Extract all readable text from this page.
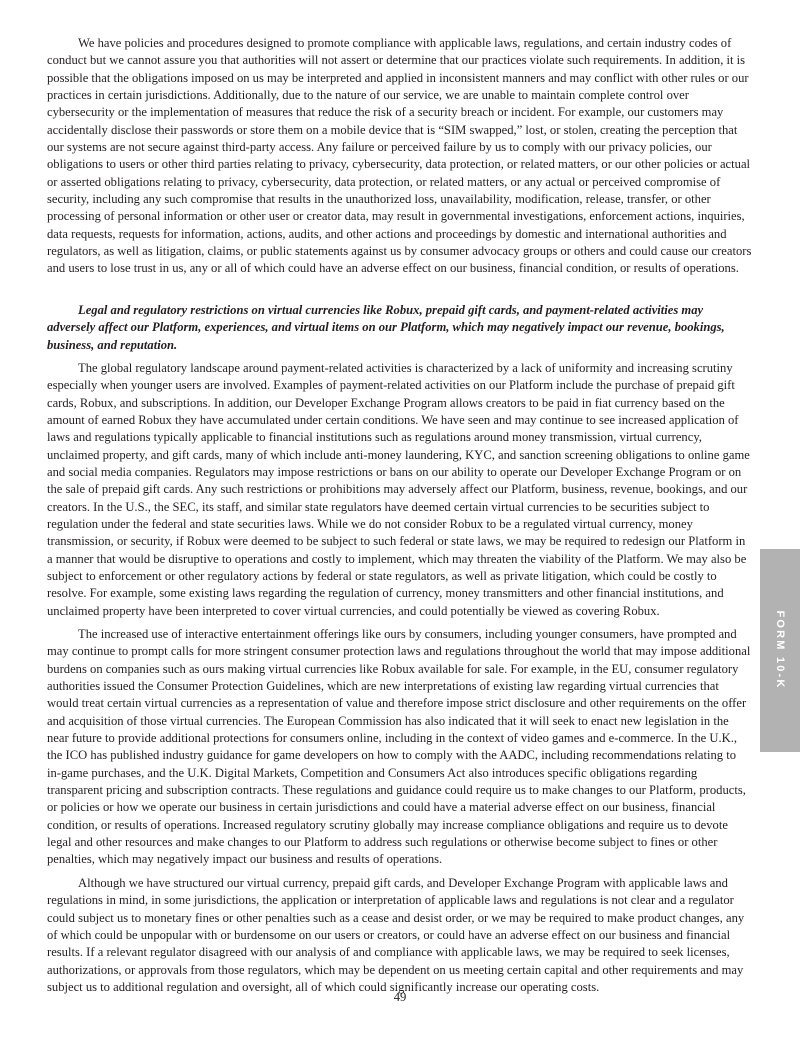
We have policies and procedures designed to promote compliance with applicable laws, regulations, and certain industry codes of conduct but we cannot assure you that authorities will not assert or determine that our practices violate such requirements. In addition, it is possible that the obligations imposed on us may be interpreted and applied in inconsistent manners and may conflict with other rules or our practices in certain jurisdictions. Additionally, due to the nature of our service, we are unable to maintain complete control over cybersecurity or the implementation of measures that reduce the risk of a security breach or incident. For example, our customers may accidentally disclose their passwords or store them on a mobile device that is “SIM swapped,” lost, or stolen, creating the perception that our systems are not secure against third-party access. Any failure or perceived failure by us to comply with our privacy policies, our obligations to users or other third parties relating to privacy, cybersecurity, data protection, or related matters, or our other policies or actual or asserted obligations relating to privacy, cybersecurity, data protection, or related matters, or any actual or perceived compromise of security, including any such compromise that results in the unauthorized loss, unavailability, modification, release, transfer, or other processing of personal information or other user or creator data, may result in governmental investigations, enforcement actions, inquiries, data requests, requests for information, actions, audits, and other actions and proceedings by domestic and international authorities and regulators, as well as litigation, claims, or public statements against us by consumer advocacy groups or others and could cause our creators and users to lose trust in us, any or all of which could have an adverse effect on our business, financial condition, or results of operations.

Legal and regulatory restrictions on virtual currencies like Robux, prepaid gift cards, and payment-related activities may adversely affect our Platform, experiences, and virtual items on our Platform, which may negatively impact our revenue, bookings, business, and reputation.

The global regulatory landscape around payment-related activities is characterized by a lack of uniformity and increasing scrutiny especially when younger users are involved. Examples of payment-related activities on our Platform include the purchase of prepaid gift cards, Robux, and subscriptions. In addition, our Developer Exchange Program allows creators to be paid in fiat currency based on the amount of earned Robux they have accumulated under certain conditions. We have seen and may continue to see increased application of laws and regulations typically applicable to financial institutions such as regulations around money transmission, virtual currency, unclaimed property, and gift cards, many of which include anti-money laundering, KYC, and sanction screening obligations to online game and social media companies. Regulators may impose restrictions or bans on our ability to operate our Developer Exchange Program or on the sale of prepaid gift cards. Any such restrictions or prohibitions may adversely affect our Platform, business, revenue, bookings, and our creators. In the U.S., the SEC, its staff, and similar state regulators have deemed certain virtual currencies to be securities subject to regulation under the federal and state securities laws. While we do not consider Robux to be a regulated virtual currency, money transmission, or security, if Robux were deemed to be subject to such federal or state laws, we may be required to redesign our Platform in a manner that would be disruptive to operations and costly to implement, which may threaten the viability of the Platform. We may also be subject to enforcement or other regulatory actions by federal or state regulators, as well as private litigation, which could be costly to resolve. For example, some existing laws regarding the regulation of currency, money transmitters and other financial institutions, and unclaimed property have been interpreted to cover virtual currencies, and could potentially be viewed as covering Robux.

The increased use of interactive entertainment offerings like ours by consumers, including younger consumers, have prompted and may continue to prompt calls for more stringent consumer protection laws and regulations throughout the world that may impose additional burdens on companies such as ours making virtual currencies like Robux available for sale. For example, in the EU, consumer regulatory authorities issued the Consumer Protection Guidelines, which are new interpretations of existing law regarding virtual currencies that would treat certain virtual currencies as a representation of value and therefore impose strict disclosure and other requirements on the offer and acquisition of those virtual currencies. The European Commission has also indicated that it will seek to enact new legislation in the near future to provide additional protections for consumers online, including in the context of video games and e-commerce. In the U.K., the ICO has published industry guidance for game developers on how to comply with the AADC, including recommendations relating to in-game purchases, and the U.K. Digital Markets, Competition and Consumers Act also introduces specific obligations regarding transparent pricing and subscription contracts. These regulations and guidance could require us to make changes to our Platform, products, or policies or how we operate our business in certain jurisdictions and could have a material adverse effect on our business, financial condition, or results of operations. Increased regulatory scrutiny globally may increase compliance obligations and require us to devote legal and other resources and make changes to our Platform to address such regulations or otherwise become subject to fines or other penalties, which may negatively impact our business and results of operations.

Although we have structured our virtual currency, prepaid gift cards, and Developer Exchange Program with applicable laws and regulations in mind, in some jurisdictions, the application or interpretation of applicable laws and regulations is not clear and a regulator could subject us to monetary fines or other penalties such as a cease and desist order, or we may be required to make product changes, any of which could be unpopular with or burdensome on our users or creators, or could have an adverse effect on our business and financial results. If a relevant regulator disagreed with our analysis of and compliance with applicable laws, we may be required to seek licenses, authorizations, or approvals from those regulators, which may be dependent on us meeting certain capital and other requirements and may subject us to additional regulation and oversight, all of which could significantly increase our operating costs.

FORM 10-K
49
